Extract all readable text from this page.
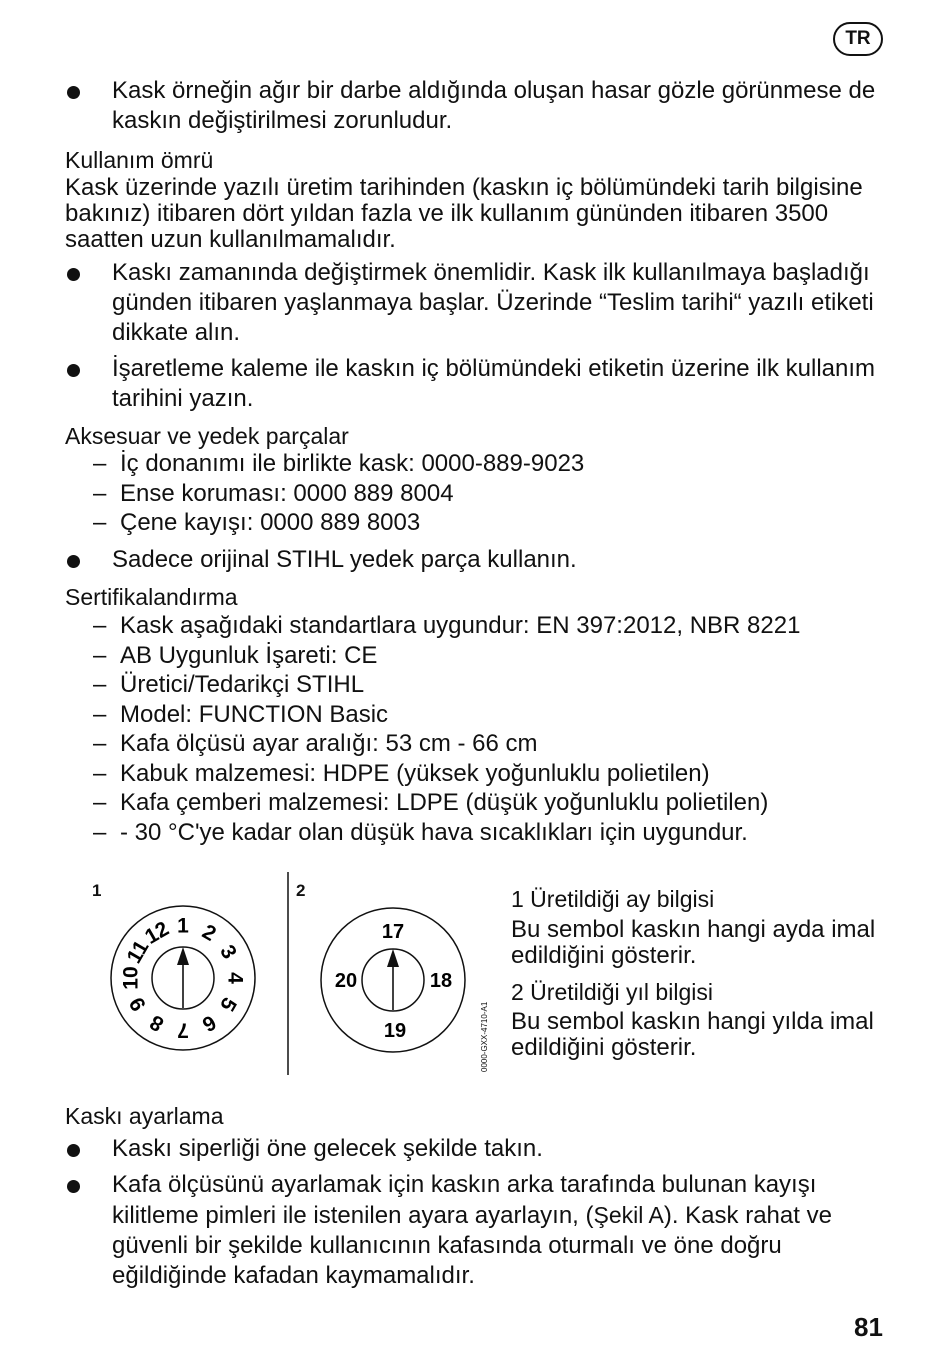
TR
Kask örneğin ağır bir darbe aldığında oluşan hasar gözle görünmese de kaskın değiştirilmesi zorunludur.
Kullanım ömrü
Kask üzerinde yazılı üretim tarihinden (kaskın iç bölümündeki tarih bilgisine bakınız) itibaren dört yıldan fazla ve ilk kullanım gününden itibaren 3500 saatten uzun kullanılmamalıdır.
Kaskı zamanında değiştirmek önemlidir. Kask ilk kullanılmaya başladığı günden itibaren yaşlanmaya başlar. Üzerinde “Teslim tarihi“ yazılı etiketi dikkate alın.
İşaretleme kaleme ile kaskın iç bölümündeki etiketin üzerine ilk kullanım tarihini yazın.
Aksesuar ve yedek parçalar
– İç donanımı ile birlikte kask: 0000-889-9023
– Ense koruması: 0000 889 8004
– Çene kayışı: 0000 889 8003
Sadece orijinal STIHL yedek parça kullanın.
Sertifikalandırma
– Kask aşağıdaki standartlara uygundur: EN 397:2012, NBR 8221
– AB Uygunluk İşareti: CE
– Üretici/Tedarikçi STIHL
– Model: FUNCTION Basic
– Kafa ölçüsü ayar aralığı: 53 cm - 66 cm
– Kabuk malzemesi: HDPE (yüksek yoğunluklu polietilen)
– Kafa çemberi malzemesi: LDPE (düşük yoğunluklu polietilen)
– - 30 °C'ye kadar olan düşük hava sıcaklıkları için uygundur.
1	2
1 2
3
4
5
6
7
8
9
10
11
12	17
18
19
20
0000-GXX-4710-A1
1 Üretildiği ay bilgisi
Bu sembol kaskın hangi ayda imal edildiğini gösterir.
2 Üretildiği yıl bilgisi
Bu sembol kaskın hangi yılda imal edildiğini gösterir.
Kaskı ayarlama
Kaskı siperliği öne gelecek şekilde takın.
Kafa ölçüsünü ayarlamak için kaskın arka tarafında bulunan kayışı kilitleme pimleri ile istenilen ayara ayarlayın, (Şekil A). Kask rahat ve güvenli bir şekilde kullanıcının kafasında oturmalı ve öne doğru eğildiğinde kafadan kaymamalıdır.
81
